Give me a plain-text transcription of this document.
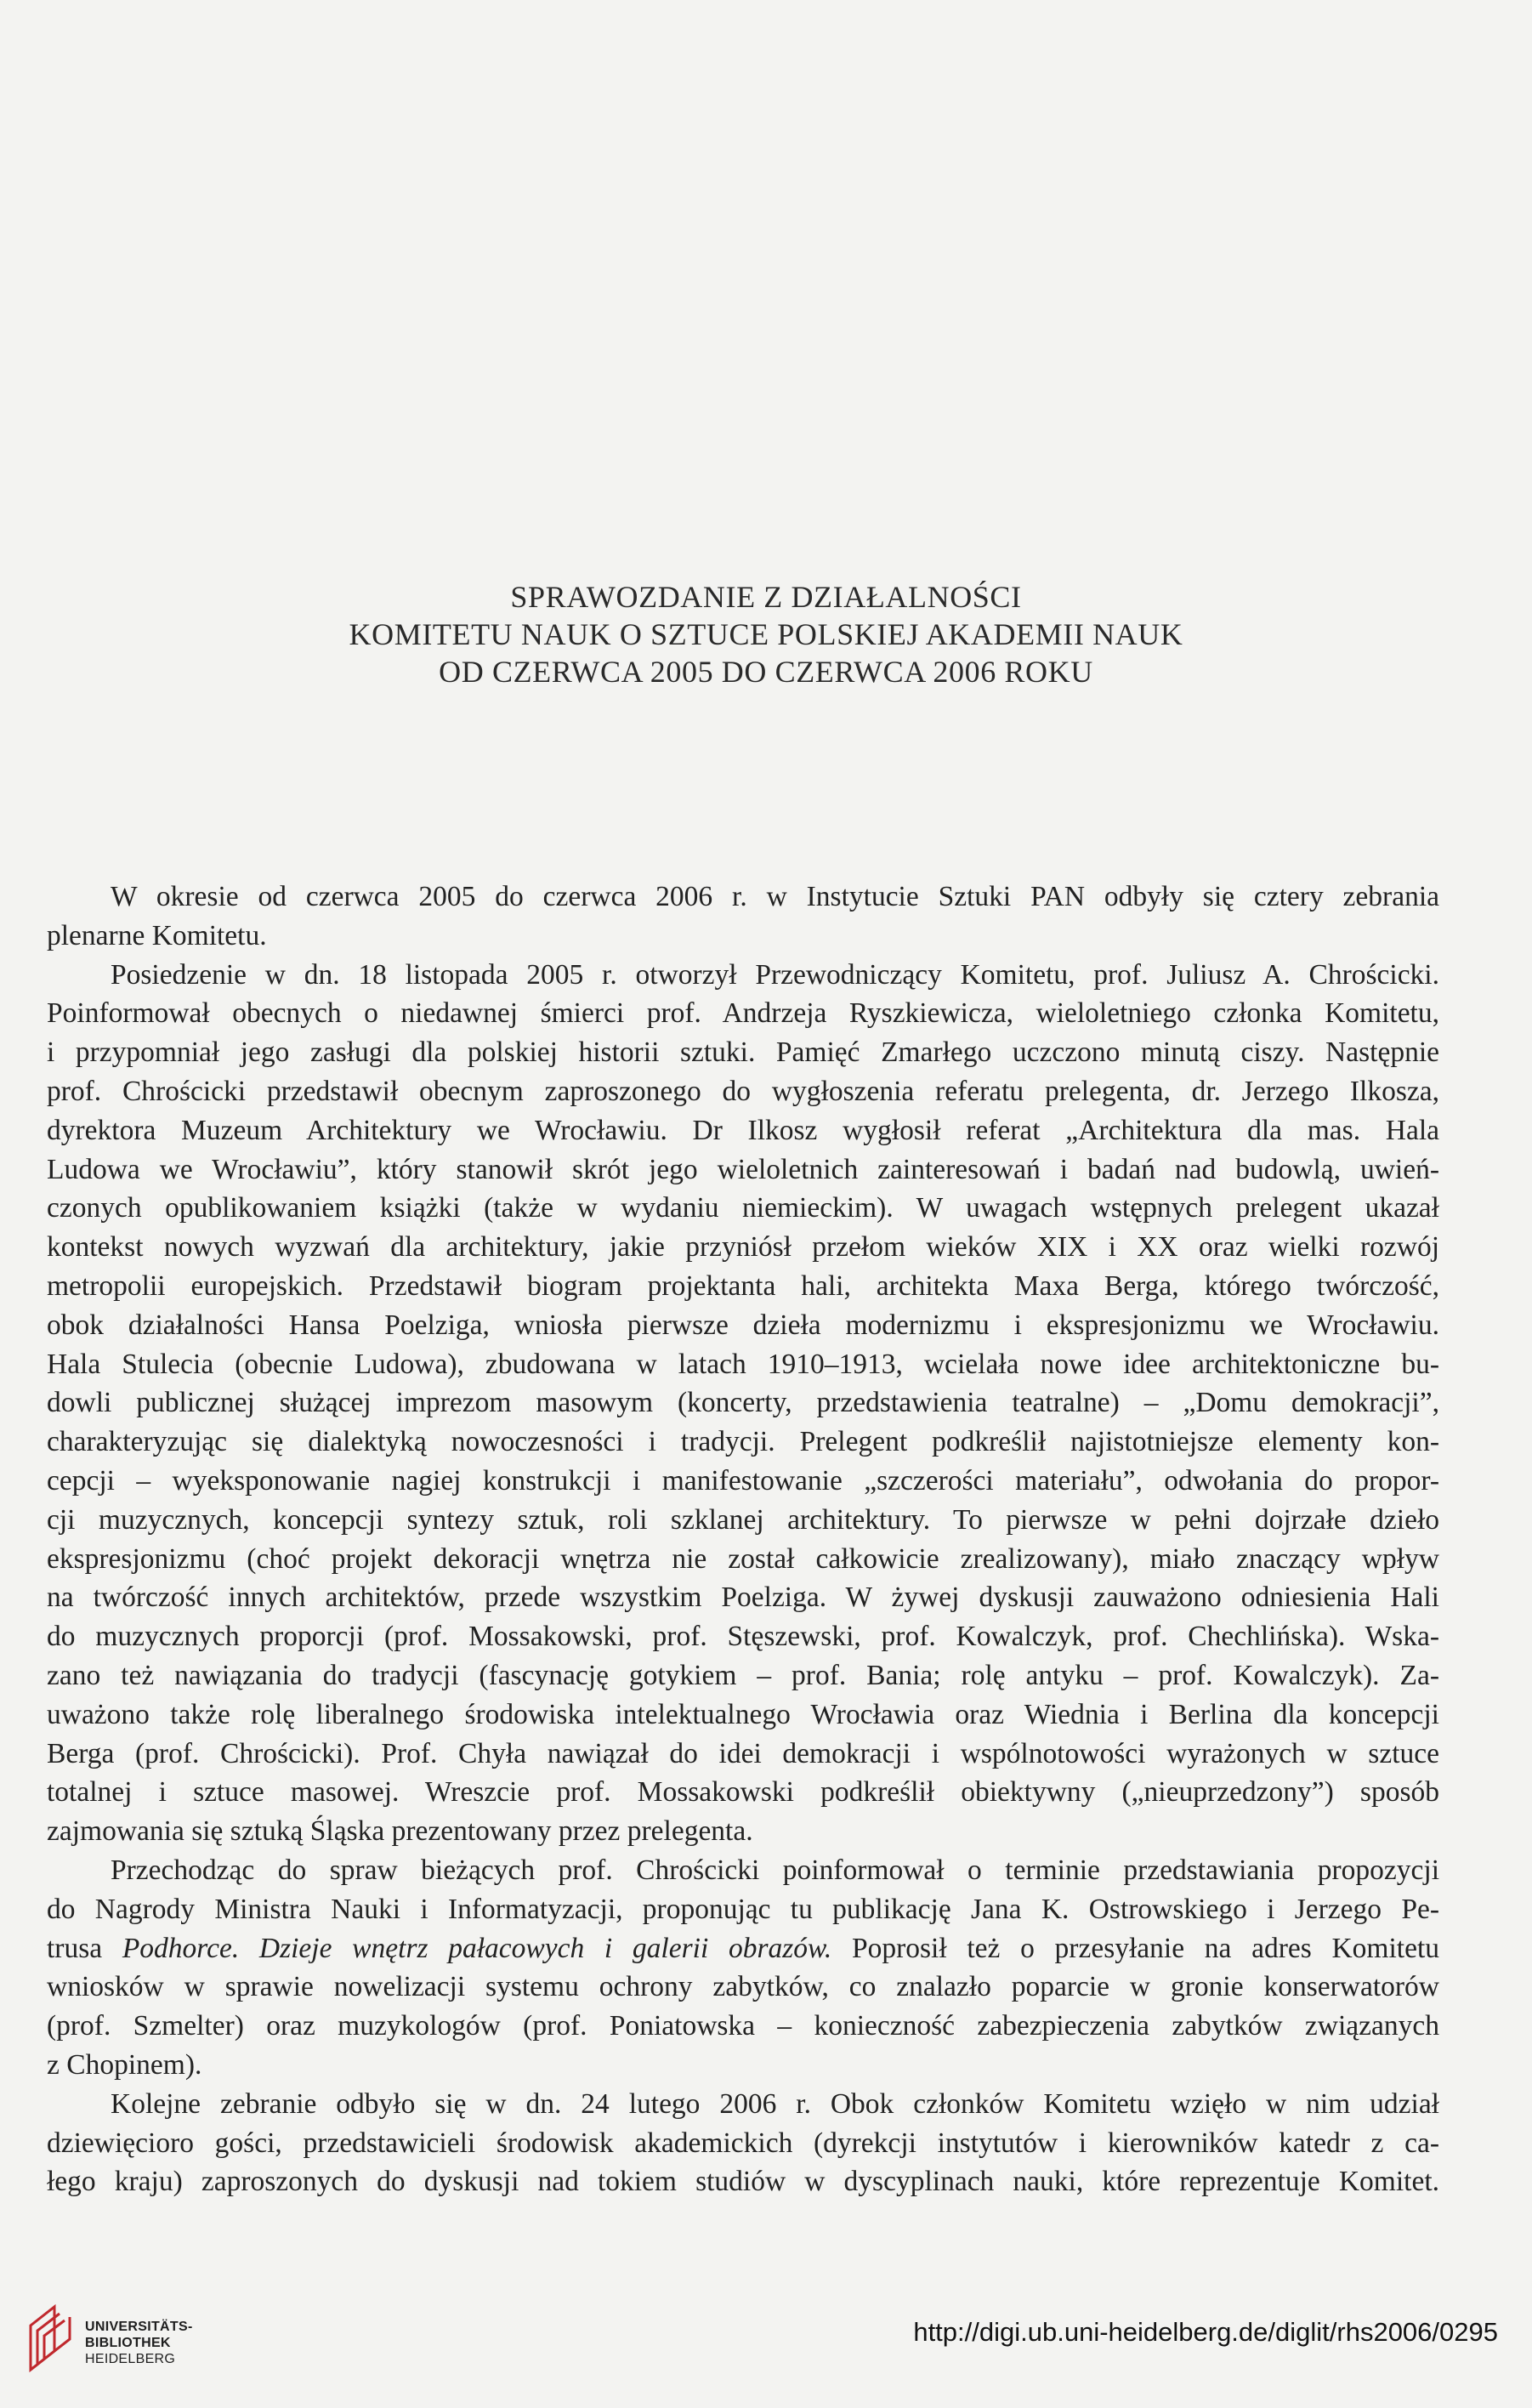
SPRAWOZDANIE Z DZIAŁALNOŚCI
KOMITETU NAUK O SZTUCE POLSKIEJ AKADEMII NAUK
OD CZERWCA 2005 DO CZERWCA 2006 ROKU
W okresie od czerwca 2005 do czerwca 2006 r. w Instytucie Sztuki PAN odbyły się cztery zebrania
plenarne Komitetu.
Posiedzenie w dn. 18 listopada 2005 r. otworzył Przewodniczący Komitetu, prof. Juliusz A. Chrościcki.
Poinformował obecnych o niedawnej śmierci prof. Andrzeja Ryszkiewicza, wieloletniego członka Komitetu,
i przypomniał jego zasługi dla polskiej historii sztuki. Pamięć Zmarłego uczczono minutą ciszy. Następnie
prof. Chrościcki przedstawił obecnym zaproszonego do wygłoszenia referatu prelegenta, dr. Jerzego Ilkosza,
dyrektora Muzeum Architektury we Wrocławiu. Dr Ilkosz wygłosił referat „Architektura dla mas. Hala
Ludowa we Wrocławiu”, który stanowił skrót jego wieloletnich zainteresowań i badań nad budowlą, uwień-
czonych opublikowaniem książki (także w wydaniu niemieckim). W uwagach wstępnych prelegent ukazał
kontekst nowych wyzwań dla architektury, jakie przyniósł przełom wieków XIX i XX oraz wielki rozwój
metropolii europejskich. Przedstawił biogram projektanta hali, architekta Maxa Berga, którego twórczość,
obok działalności Hansa Poelziga, wniosła pierwsze dzieła modernizmu i ekspresjonizmu we Wrocławiu.
Hala Stulecia (obecnie Ludowa), zbudowana w latach 1910–1913, wcielała nowe idee architektoniczne bu-
dowli publicznej służącej imprezom masowym (koncerty, przedstawienia teatralne) – „Domu demokracji”,
charakteryzując się dialektyką nowoczesności i tradycji. Prelegent podkreślił najistotniejsze elementy kon-
cepcji – wyeksponowanie nagiej konstrukcji i manifestowanie „szczerości materiału”, odwołania do propor-
cji muzycznych, koncepcji syntezy sztuk, roli szklanej architektury. To pierwsze w pełni dojrzałe dzieło
ekspresjonizmu (choć projekt dekoracji wnętrza nie został całkowicie zrealizowany), miało znaczący wpływ
na twórczość innych architektów, przede wszystkim Poelziga. W żywej dyskusji zauważono odniesienia Hali
do muzycznych proporcji (prof. Mossakowski, prof. Stęszewski, prof. Kowalczyk, prof. Chechlińska). Wska-
zano też nawiązania do tradycji (fascynację gotykiem – prof. Bania; rolę antyku – prof. Kowalczyk). Za-
uważono także rolę liberalnego środowiska intelektualnego Wrocławia oraz Wiednia i Berlina dla koncepcji
Berga (prof. Chrościcki). Prof. Chyła nawiązał do idei demokracji i wspólnotowości wyrażonych w sztuce
totalnej i sztuce masowej. Wreszcie prof. Mossakowski podkreślił obiektywny („nieuprzedzony”) sposób
zajmowania się sztuką Śląska prezentowany przez prelegenta.
Przechodząc do spraw bieżących prof. Chrościcki poinformował o terminie przedstawiania propozycji
do Nagrody Ministra Nauki i Informatyzacji, proponując tu publikację Jana K. Ostrowskiego i Jerzego Pe-
trusa Podhorce. Dzieje wnętrz pałacowych i galerii obrazów. Poprosił też o przesyłanie na adres Komitetu
wniosków w sprawie nowelizacji systemu ochrony zabytków, co znalazło poparcie w gronie konserwatorów
(prof. Szmelter) oraz muzykologów (prof. Poniatowska – konieczność zabezpieczenia zabytków związanych
z Chopinem).
Kolejne zebranie odbyło się w dn. 24 lutego 2006 r. Obok członków Komitetu wzięło w nim udział
dziewięcioro gości, przedstawicieli środowisk akademickich (dyrekcji instytutów i kierowników katedr z ca-
łego kraju) zaproszonych do dyskusji nad tokiem studiów w dyscyplinach nauki, które reprezentuje Komitet.
UNIVERSITÄTS-
BIBLIOTHEK
HEIDELBERG
http://digi.ub.uni-heidelberg.de/diglit/rhs2006/0295
